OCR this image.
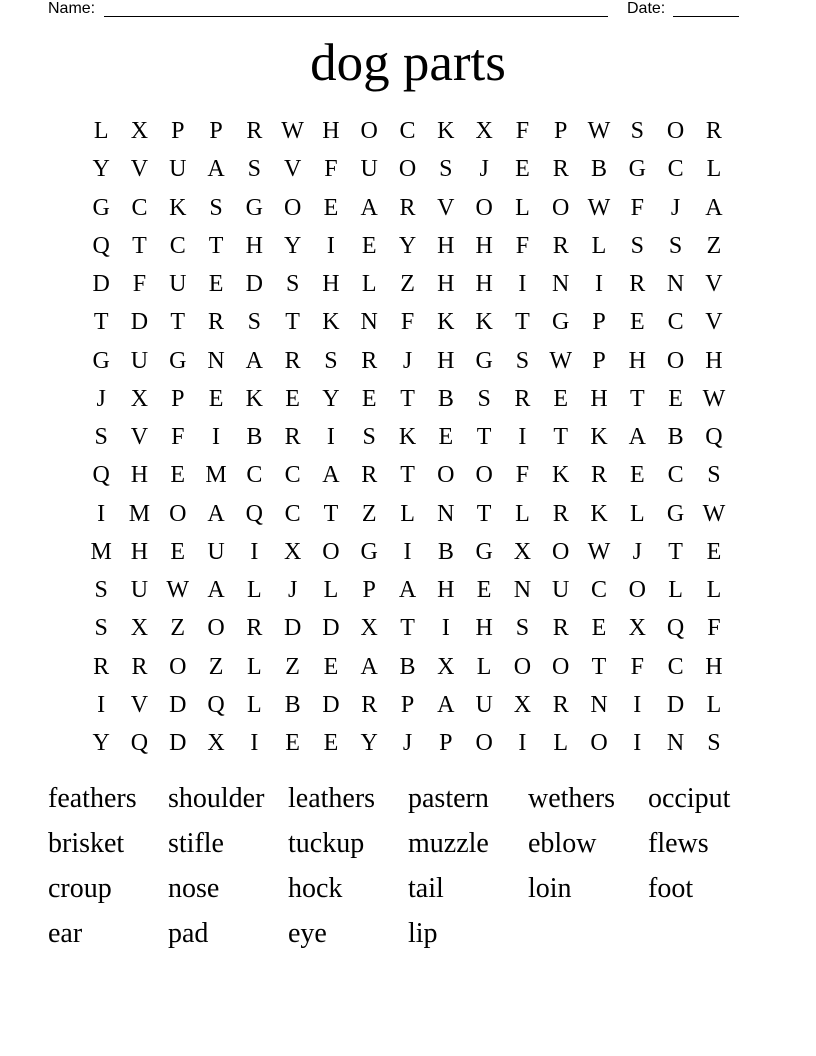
Name:	Date:
dog parts
L X P	P R W H O C K X F	P W S O R
Y V U A S V F U O S	J	E R B G C L
G C K S G O E A R V O L O W F	J	A
Q T C T H Y	I	E Y H H F R L	S	S	Z
D F U E D S H L Z H H	I	N	I	R N V
T D T R S	T K N F K K T G P	E C V
G U G N A R S R	J	H G S W P H O H
J	X P	E K E Y E T B S R E H T E W
S V F	I	B R	I	S K E T	I	T K A B Q
Q H E M C C A R T O O F K R E C S
I M O A Q C T Z L N T L R K L G W
M H E U	I	X O G	I	B G X O W J	T E
S U W A L	J	L	P A H E N U C O L L
S X Z O R D D X T	I	H S R E X Q F
R R O Z L Z E A B X L O O T	F C H
I	V D Q L B D R P A U X R N	I	D L
Y Q D X	I	E E Y	J	P O	I	L O	I	N S
feathers	shoulder leathers	pastern	wethers	occiput
brisket	stifle	tuckup	muzzle	eblow	flews
croup	nose	hock	tail	loin	foot
ear	pad	eye	lip
